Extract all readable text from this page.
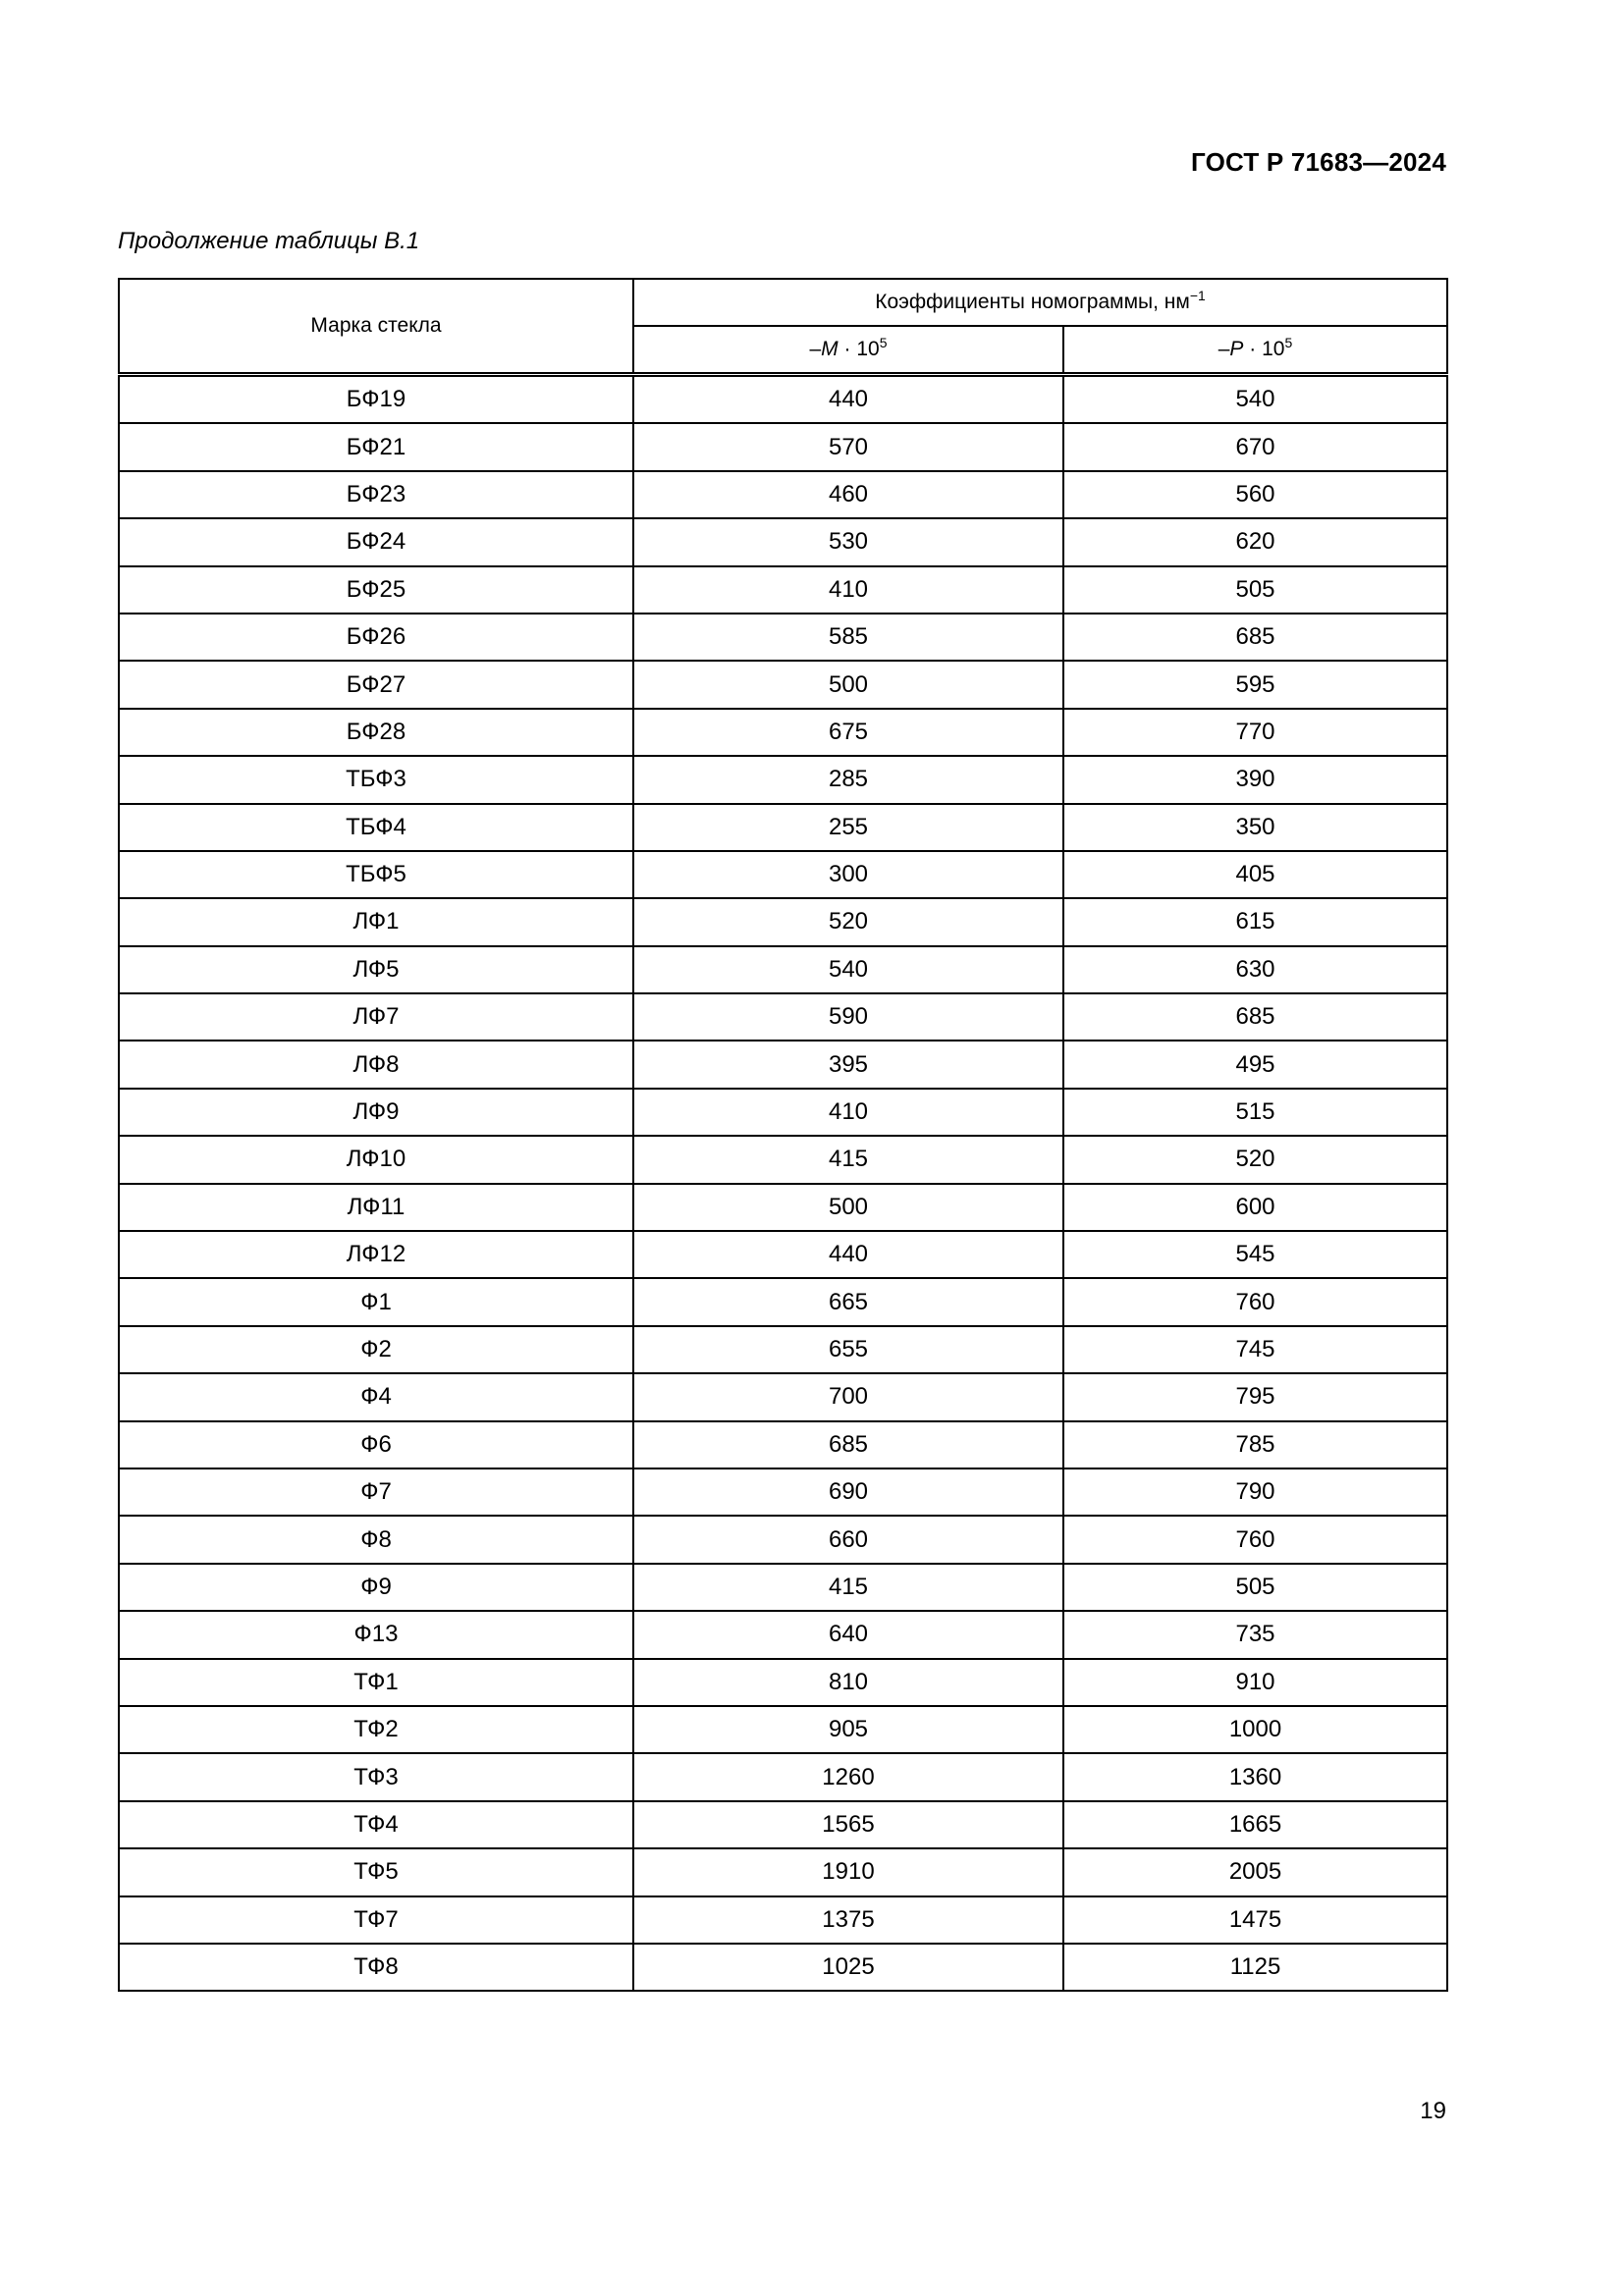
ГОСТ Р 71683—2024
Продолжение таблицы В.1
Марка стекла	Коэффициенты номограммы, $нм^{-1}$
	$-M \cdot 10^5$	$-P \cdot 10^5$
БФ19	440	540
БФ21	570	670
БФ23	460	560
БФ24	530	620
БФ25	410	505
БФ26	585	685
БФ27	500	595
БФ28	675	770
ТБФ3	285	390
ТБФ4	255	350
ТБФ5	300	405
ЛФ1	520	615
ЛФ5	540	630
ЛФ7	590	685
ЛФ8	395	495
ЛФ9	410	515
ЛФ10	415	520
ЛФ11	500	600
ЛФ12	440	545
Ф1	665	760
Ф2	655	745
Ф4	700	795
Ф6	685	785
Ф7	690	790
Ф8	660	760
Ф9	415	505
Ф13	640	735
ТФ1	810	910
ТФ2	905	1000
ТФ3	1260	1360
ТФ4	1565	1665
ТФ5	1910	2005
ТФ7	1375	1475
ТФ8	1025	1125
19
